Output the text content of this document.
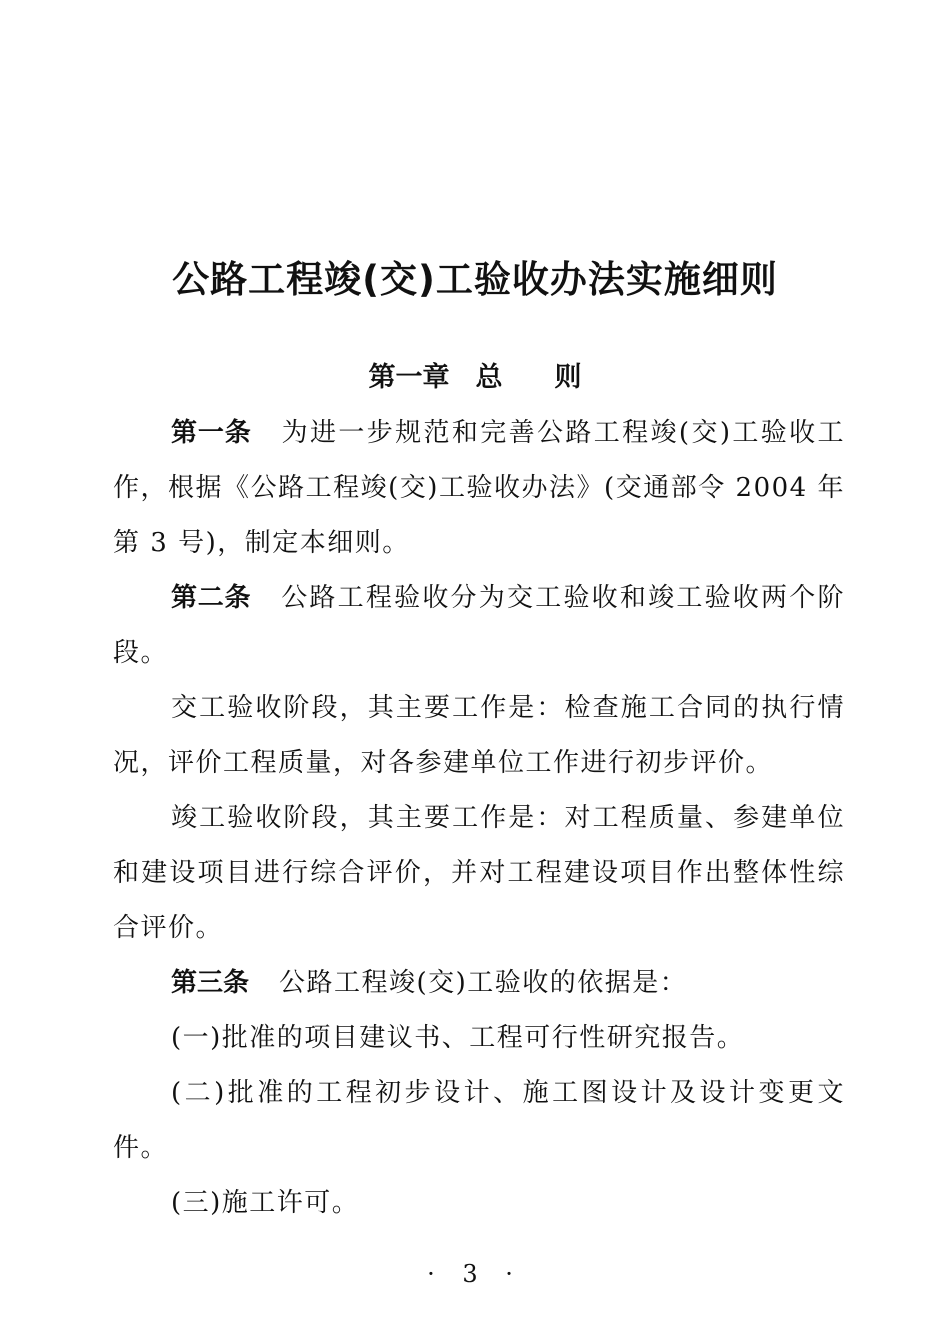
公路工程竣(交)工验收办法实施细则
第一章 总 则

第一条 为进一步规范和完善公路工程竣(交)工验收工作，根据《公路工程竣(交)工验收办法》(交通部令 2004 年第 3 号)，制定本细则。

第二条 公路工程验收分为交工验收和竣工验收两个阶段。

交工验收阶段，其主要工作是：检查施工合同的执行情况，评价工程质量，对各参建单位工作进行初步评价。

竣工验收阶段，其主要工作是：对工程质量、参建单位和建设项目进行综合评价，并对工程建设项目作出整体性综合评价。

第三条 公路工程竣(交)工验收的依据是：

(一)批准的项目建议书、工程可行性研究报告。

(二)批准的工程初步设计、施工图设计及设计变更文件。

(三)施工许可。

· 3 ·
